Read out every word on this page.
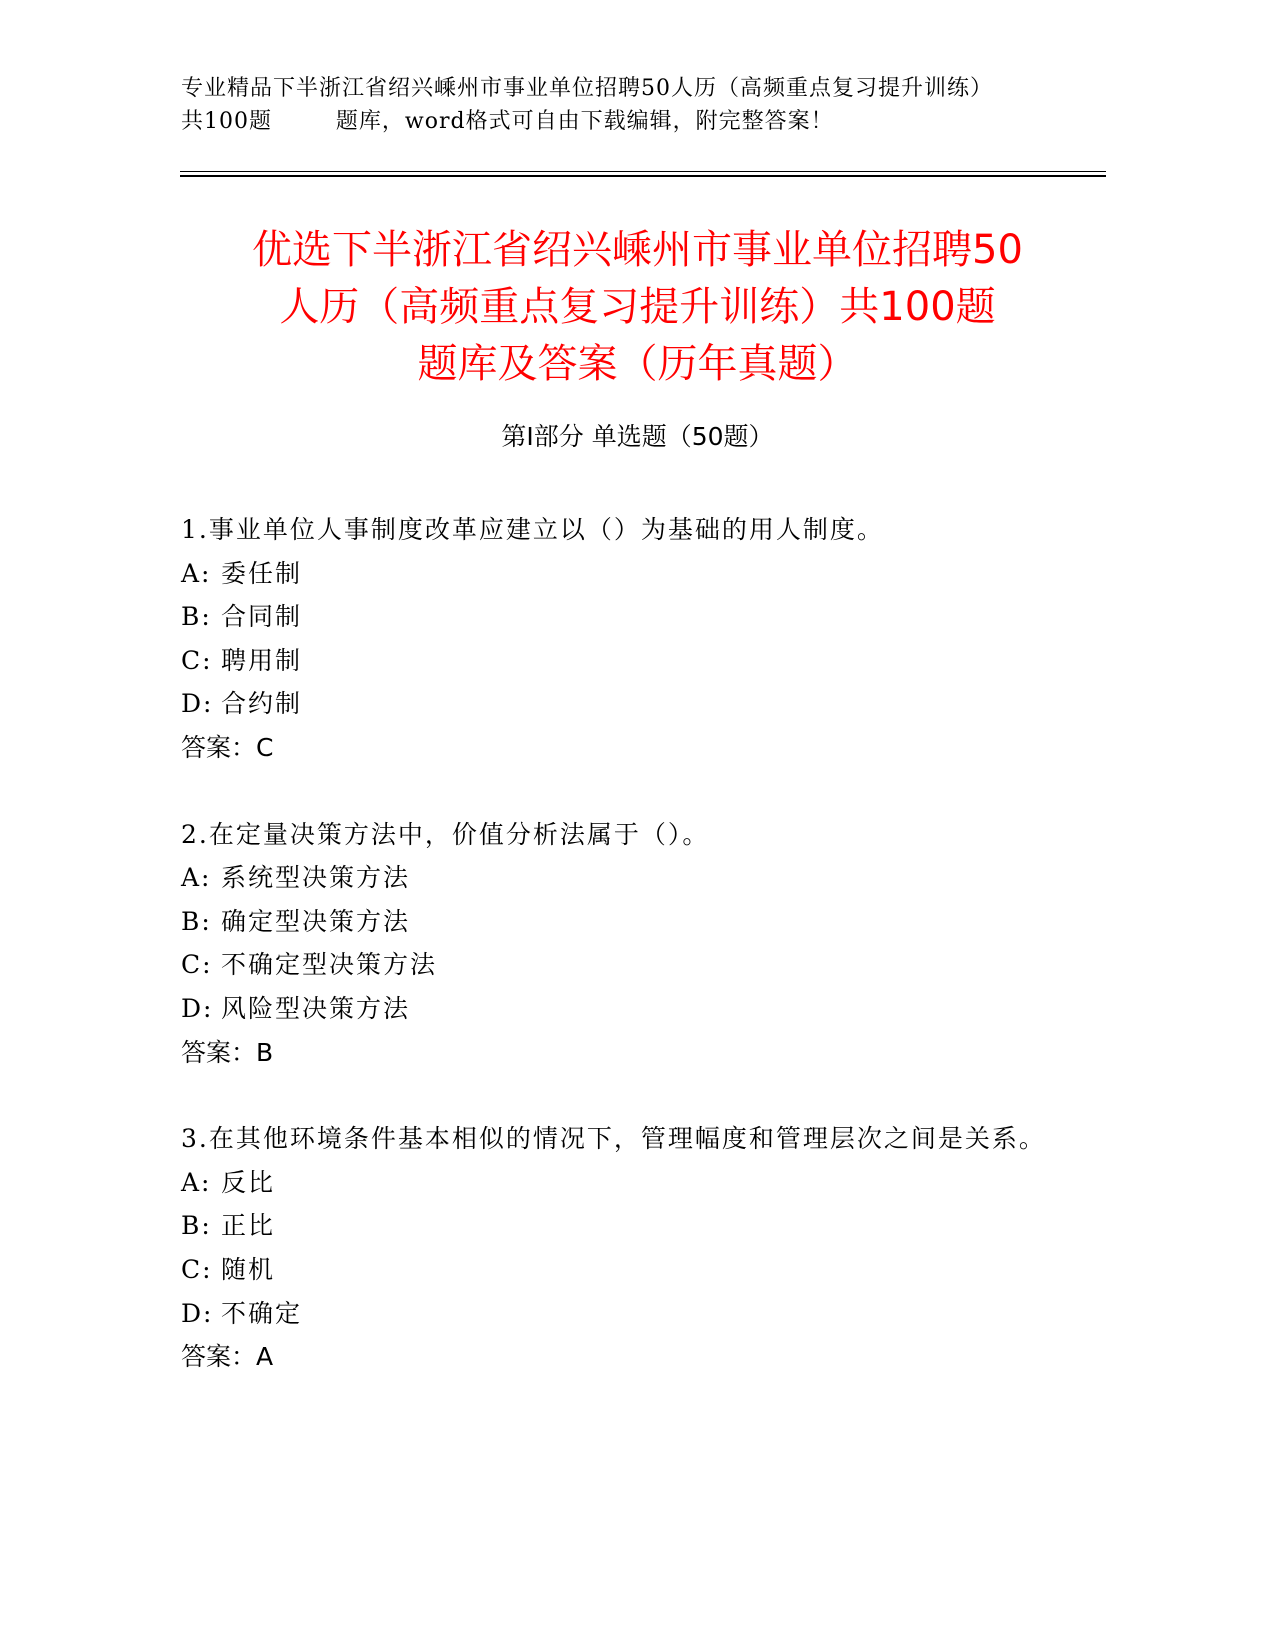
专业精品下半浙江省绍兴嵊州市事业单位招聘50人历（高频重点复习提升训练）
共100题        题库，word格式可自由下载编辑，附完整答案！
优选下半浙江省绍兴嵊州市事业单位招聘50
人历（高频重点复习提升训练）共100题
题库及答案（历年真题）
第Ⅰ部分 单选题（50题）
1.事业单位人事制度改革应建立以（）为基础的用人制度。
A: 委任制
B: 合同制
C: 聘用制
D: 合约制
答案：C
2.在定量决策方法中，价值分析法属于（）。
A: 系统型决策方法
B: 确定型决策方法
C: 不确定型决策方法
D: 风险型决策方法
答案：B
3.在其他环境条件基本相似的情况下，管理幅度和管理层次之间是关系。
A: 反比
B: 正比
C: 随机
D: 不确定
答案：A
